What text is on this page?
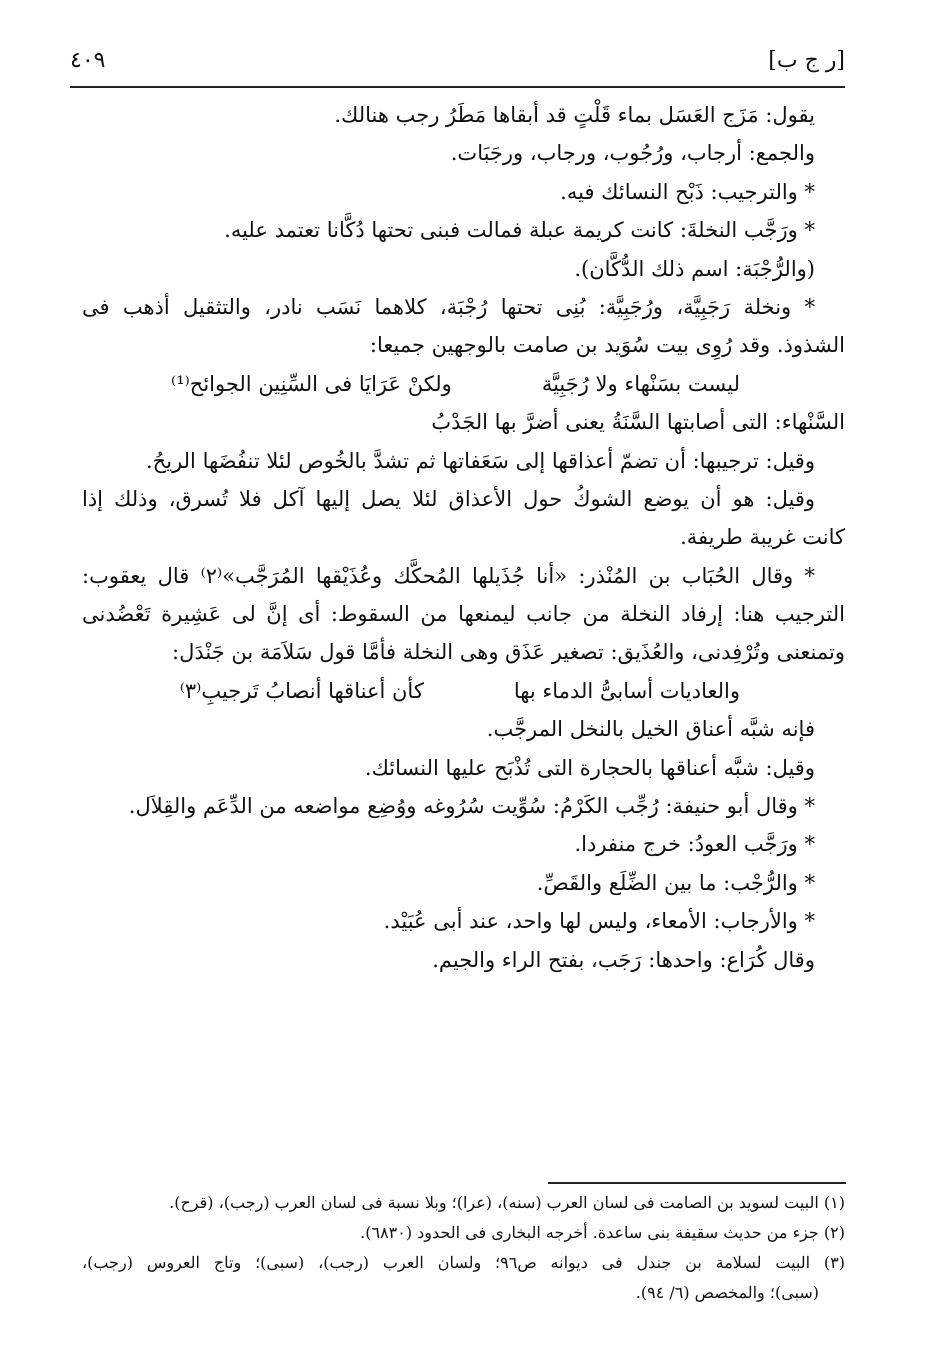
[ر ج ب]
٤٠٩
يقول: مَزَج العَسَل بماء قَلْتٍ قد أبقاها مَطَرُ رجب هنالك.
والجمع: أرجاب، ورُجُوب، ورجاب، ورجَبَات.
* والترجيب: ذَبْح النسائك فيه.
* ورَجَّب النخلةَ: كانت كريمة عبلة فمالت فبنى تحتها دُكَّانا تعتمد عليه.
(والرُّجْبَة: اسم ذلك الدُّكَّان).
* ونخلة رَجَبِيَّة، ورُجَبِيَّة: بُنِى تحتها رُجْبَة، كلاهما نَسَب نادر، والتثقيل أذهب فى
الشذوذ. وقد رُوِى بيت سُوَيد بن صامت بالوجهين جميعا:
ليست بسَنْهاء ولا رُجَبِيَّة
ولكنْ عَرَايَا فى السِّنِين الجوائح⁽¹⁾
السَّنْهاء: التى أصابتها السَّنَةُ يعنى أضرَّ بها الجَدْبُ
وقيل: ترجيبها: أن تضمّ أعذاقها إلى سَعَفاتها ثم تشدَّ بالخُوص لئلا تنفُضَها الريحُ.
وقيل: هو أن يوضع الشوكُ حول الأعذاق لئلا يصل إليها آكل فلا تُسرق، وذلك إذا
كانت غريبة طريفة.
* وقال الحُبَاب بن المُنْذر: «أنا جُذَيلها المُحكَّك وعُذَيْقها المُرَجَّب»⁽٢⁾ قال يعقوب:
الترجيب هنا: إرفاد النخلة من جانب ليمنعها من السقوط: أى إنَّ لى عَشِيرة تَعْضُدنى
وتمنعنى وتُرْفِدنى، والعُذَيق: تصغير عَذَق وهى النخلة فأمَّا قول سَلاَمَة بن جَنْدَل:
والعاديات أسابىُّ الدماء بها
كأن أعناقها أنصابُ تَرجيبِ⁽٣⁾
فإنه شبَّه أعناق الخيل بالنخل المرجَّب.
وقيل: شبَّه أعناقها بالحجارة التى تُذْبَح عليها النسائك.
* وقال أبو حنيفة: رُجِّب الكَرْمُ: سُوِّيت سُرُوغه ووُضِع مواضعه من الدِّعَم والقِلاَل.
* ورَجَّب العودُ: خرج منفردا.
* والرُّجْب: ما بين الضِّلَع والقَصِّ.
* والأرجاب: الأمعاء، وليس لها واحد، عند أبى عُبَيْد.
وقال كُرَاع: واحدها: رَجَب، بفتح الراء والجيم.
(١) البيت لسويد بن الصامت فى لسان العرب (سنه)، (عرا)؛ وبلا نسبة فى لسان العرب (رجب)، (قرح).
(٢) جزء من حديث سقيفة بنى ساعدة. أخرجه البخارى فى الحدود (٦٨٣٠).
(٣) البيت لسلامة بن جندل فى ديوانه ص٩٦؛ ولسان العرب (رجب)، (سبى)؛ وتاج العروس (رجب)،
(سبى)؛ والمخصص (٦/ ٩٤).
